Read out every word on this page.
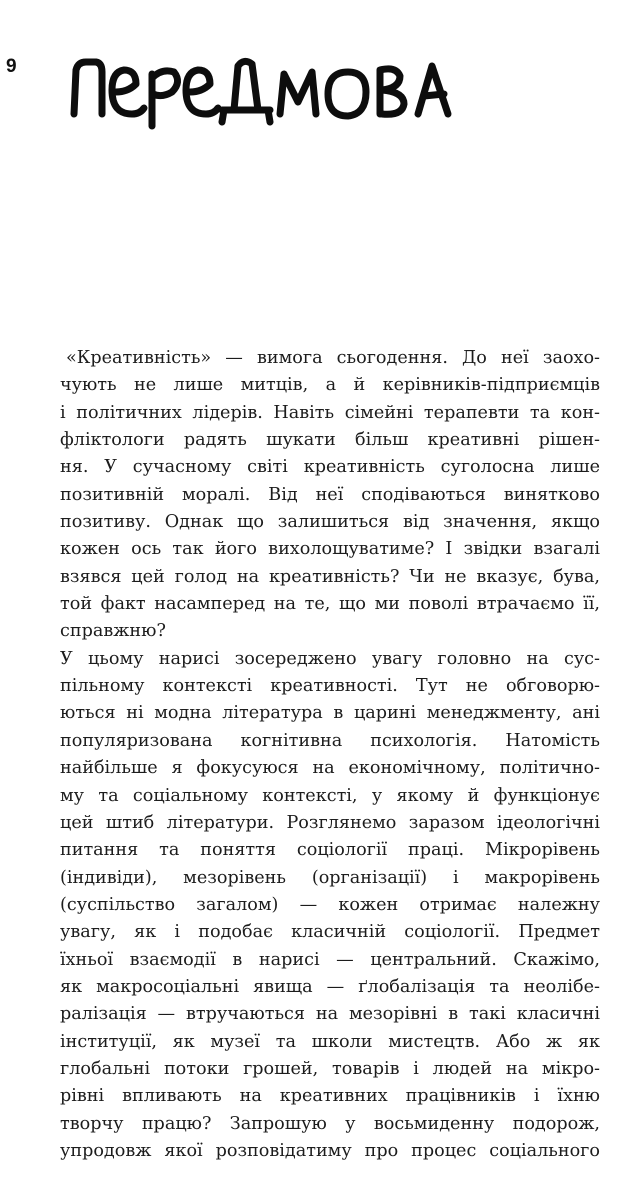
9
«Креативність» — вимога сьогодення. До неї заохо-
чують не лише митців, а й керівників-підприємців
і політичних лідерів. Навіть сімейні терапевти та кон-
фліктологи радять шукати більш креативні рішен-
ня. У сучасному світі креативність суголосна лише
позитивній моралі. Від неї сподіваються винятково
позитиву. Однак що залишиться від значення, якщо
кожен ось так його вихолощуватиме? І звідки взагалі
взявся цей голод на креативність? Чи не вказує, бува,
той факт насамперед на те, що ми поволі втрачаємо її,
справжню?
У цьому нарисі зосереджено увагу головно на сус-
пільному контексті креативності. Тут не обговорю-
ються ні модна література в царині менеджменту, ані
популяризована когнітивна психологія. Натомість
найбільше я фокусуюся на економічному, політично-
му та соціальному контексті, у якому й функціонує
цей штиб літератури. Розглянемо заразом ідеологічні
питання та поняття соціології праці. Мікрорівень
(індивіди), мезорівень (організації) і макрорівень
(суспільство загалом) — кожен отримає належну
увагу, як і подобає класичній соціології. Предмет
їхньої взаємодії в нарисі — центральний. Скажімо,
як макросоціальні явища — ґлобалізація та неолібе-
ралізація — втручаються на мезорівні в такі класичні
інституції, як музеї та школи мистецтв. Або ж як
глобальні потоки грошей, товарів і людей на мікро-
рівні впливають на креативних працівників і їхню
творчу працю? Запрошую у восьмиденну подорож,
упродовж якої розповідатиму про процес соціального
